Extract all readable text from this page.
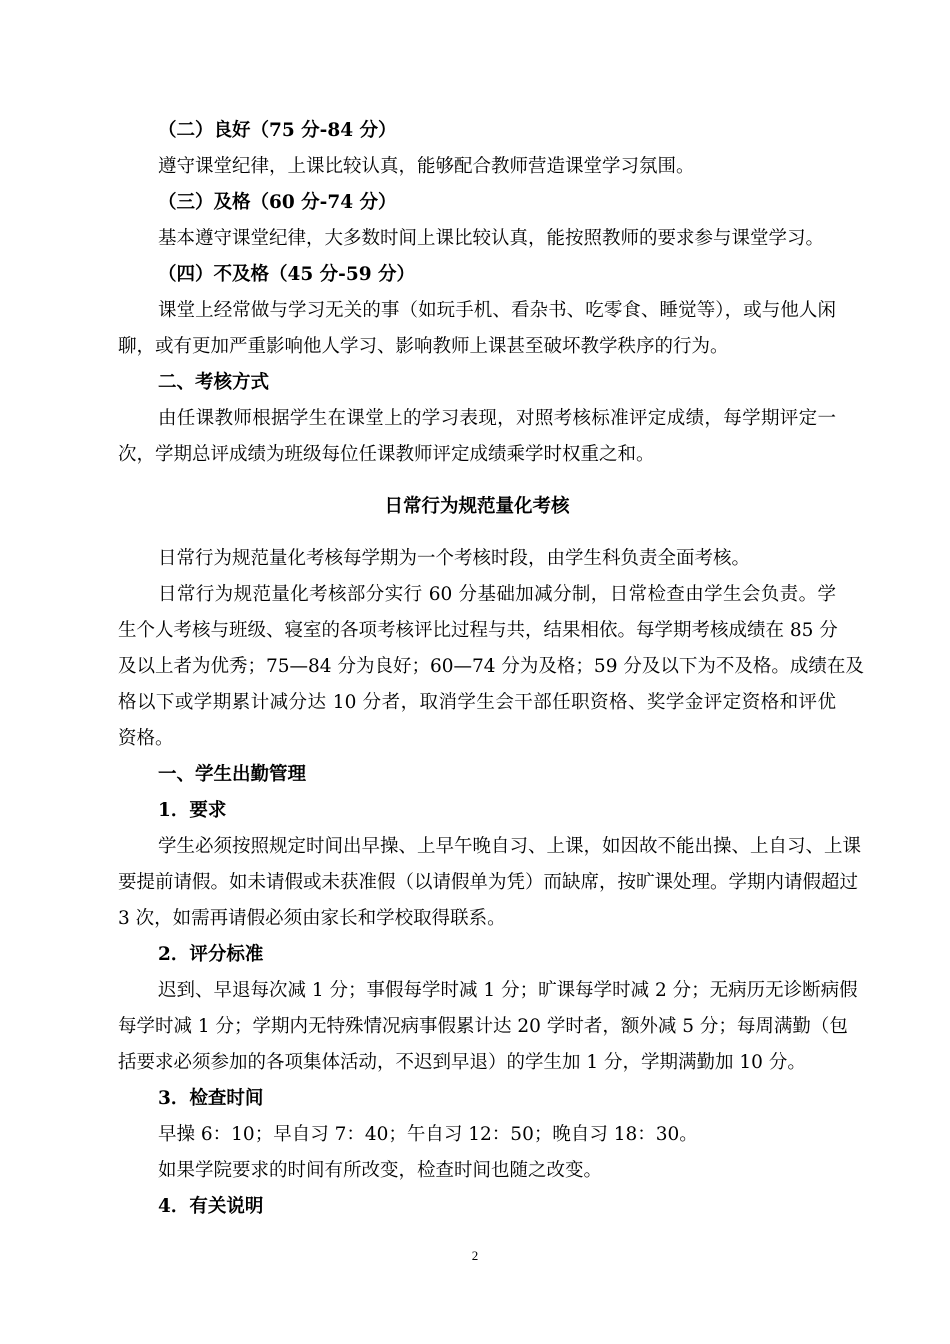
（二）良好（75 分-84 分）
遵守课堂纪律，上课比较认真，能够配合教师营造课堂学习氛围。
（三）及格（60 分-74 分）
基本遵守课堂纪律，大多数时间上课比较认真，能按照教师的要求参与课堂学习。
（四）不及格（45 分-59 分）
课堂上经常做与学习无关的事（如玩手机、看杂书、吃零食、睡觉等），或与他人闲
聊，或有更加严重影响他人学习、影响教师上课甚至破坏教学秩序的行为。
二、考核方式
由任课教师根据学生在课堂上的学习表现，对照考核标准评定成绩，每学期评定一
次，学期总评成绩为班级每位任课教师评定成绩乘学时权重之和。
日常行为规范量化考核
日常行为规范量化考核每学期为一个考核时段，由学生科负责全面考核。
日常行为规范量化考核部分实行 60 分基础加减分制，日常检查由学生会负责。学
生个人考核与班级、寝室的各项考核评比过程与共，结果相依。每学期考核成绩在 85 分
及以上者为优秀；75—84 分为良好；60—74 分为及格；59 分及以下为不及格。成绩在及
格以下或学期累计减分达 10 分者，取消学生会干部任职资格、奖学金评定资格和评优
资格。
一、学生出勤管理
1．要求
学生必须按照规定时间出早操、上早午晚自习、上课，如因故不能出操、上自习、上课
要提前请假。如未请假或未获准假（以请假单为凭）而缺席，按旷课处理。学期内请假超过
3 次，如需再请假必须由家长和学校取得联系。
2．评分标准
迟到、早退每次减 1 分；事假每学时减 1 分；旷课每学时减 2 分；无病历无诊断病假
每学时减 1 分；学期内无特殊情况病事假累计达 20 学时者，额外减 5 分；每周满勤（包
括要求必须参加的各项集体活动，不迟到早退）的学生加 1 分，学期满勤加 10 分。
3．检查时间
早操 6：10；早自习 7：40；午自习 12：50；晚自习 18：30。
如果学院要求的时间有所改变，检查时间也随之改变。
4．有关说明
2
